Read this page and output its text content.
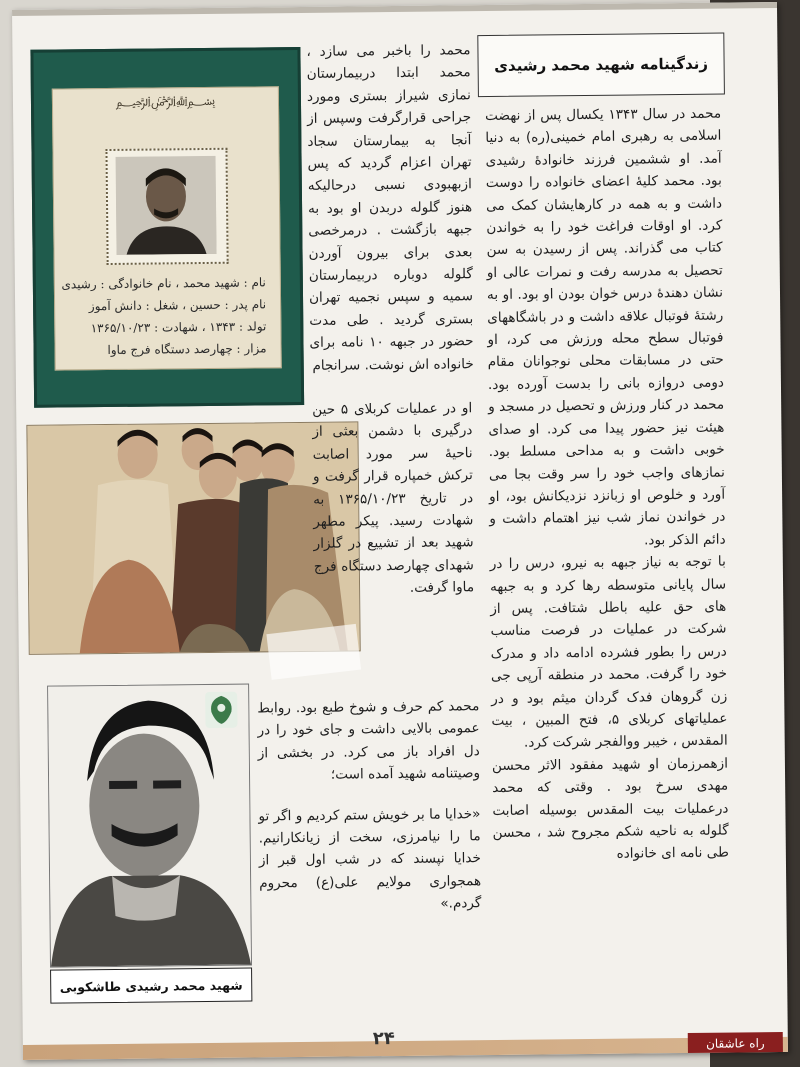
زندگینامه شهید محمد رشیدی

محمد در سال ۱۳۴۳ یکسال پس از نهضت اسلامی به رهبری امام خمینی(ره) به دنیا آمد. او ششمین فرزند خانوادهٔ رشیدی بود. محمد کلیهٔ اعضای خانواده را دوست داشت و به همه در کارهایشان کمک می کرد. او اوقات فراغت خود را به خواندن کتاب می گذراند. پس از رسیدن به سن تحصیل به مدرسه رفت و نمرات عالی او نشان دهندهٔ درس خوان بودن او بود. او به رشتهٔ فوتبال علاقه داشت و در باشگاههای فوتبال سطح محله ورزش می کرد، او حتی در مسابقات محلی نوجوانان مقام دومی دروازه بانی را بدست آورده بود. محمد در کنار ورزش و تحصیل در مسجد و هیئت نیز حضور پیدا می کرد. او صدای خوبی داشت و به مداحی مسلط بود. نمازهای واجب خود را سر وقت بجا می آورد و خلوص او زبانزد نزدیکانش بود، او در خواندن نماز شب نیز اهتمام داشت و دائم الذکر بود.

با توجه به نیاز جبهه به نیرو، درس را در سال پایانی متوسطه رها کرد و به جبهه های حق علیه باطل شتافت. پس از شرکت در عملیات در فرصت مناسب درس را بطور فشرده ادامه داد و مدرک خود را گرفت. محمد در منطقه آرپی جی زن گروهان فدک گردان میثم بود و در عملیاتهای کربلای ۵، فتح المبین ، بیت المقدس ، خیبر ووالفجر شرکت کرد.

ازهمرزمان او شهید مفقود الاثر محسن مهدی سرخ بود . وقتی که محمد درعملیات بیت المقدس بوسیله اصابت گلوله به ناحیه شکم مجروح شد ، محسن طی نامه ای خانواده

﷽
نام : شهید محمد ، نام خانوادگی : رشیدی
نام پدر : حسین ، شغل : دانش آموز
تولد : ۱۳۴۳ ، شهادت : ۱۳۶۵/۱۰/۲۳
مزار : چهارصد دستگاه فرج ماوا

محمد را باخبر می سازد ، محمد ابتدا دربیمارستان نمازی شیراز بستری ومورد جراحی قرارگرفت وسپس از آنجا به بیمارستان سجاد تهران اعزام گردید که پس ازبهبودی نسبی درحالیکه هنوز گلوله دربدن او بود به جبهه بازگشت . درمرخصی بعدی برای بیرون آوردن گلوله دوباره دربیمارستان سمیه و سپس نجمیه تهران بستری گردید . طی مدت حضور در جبهه ۱۰ نامه برای خانواده اش نوشت. سرانجام

او در عملیات کربلای ۵ حین درگیری با دشمن بعثی از ناحیهٔ سر مورد اصابت ترکش خمپاره قرار گرفت و در تاریخ ۱۳۶۵/۱۰/۲۳ به شهادت رسید. پیکر مطهر شهید بعد از تشییع در گلزار شهدای چهارصد دستگاه فرج ماوا گرفت.

محمد کم حرف و شوخ طبع بود. روابط عمومی بالایی داشت و جای خود را در دل افراد باز می کرد. در بخشی از وصیتنامه شهید آمده است؛

«خدایا ما بر خویش ستم کردیم و اگر تو ما را نیامرزی، سخت از زیانکارانیم. خدایا نپسند که در شب اول قبر از همجواری مولایم علی(ع) محروم گردم.»

شهید محمد رشیدی طاشکوبی
۲۴	راه عاشقان
